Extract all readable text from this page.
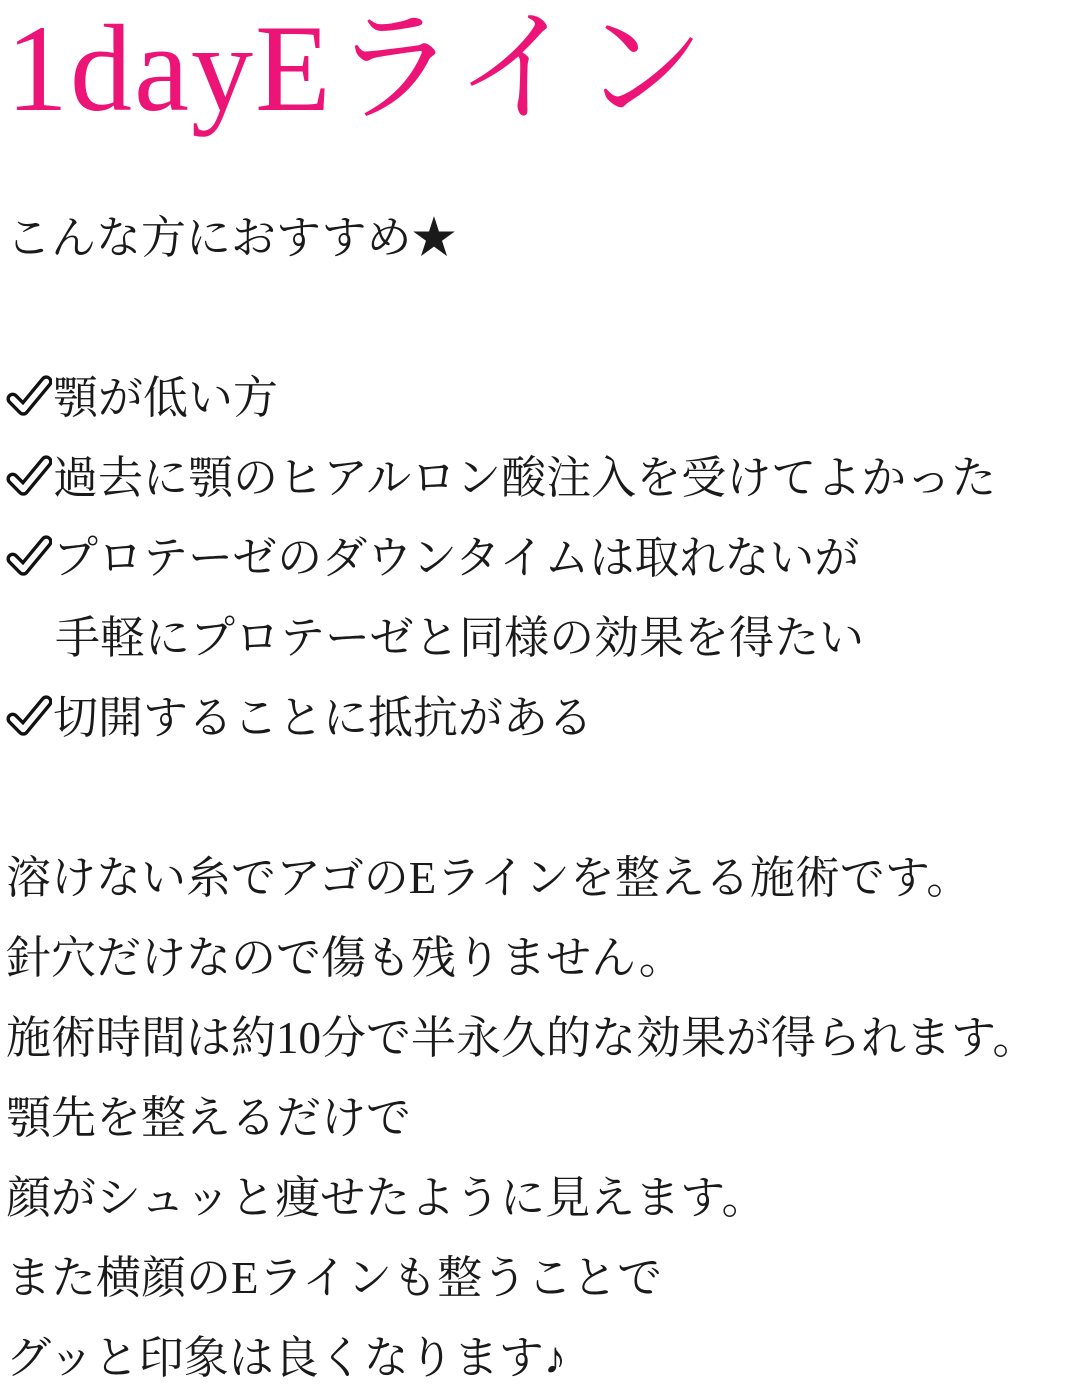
1dayEライン
こんな方におすすめ★
顎が低い方
過去に顎のヒアルロン酸注入を受けてよかった
プロテーゼのダウンタイムは取れないが
手軽にプロテーゼと同様の効果を得たい
切開することに抵抗がある
溶けない糸でアゴのEラインを整える施術です。
針穴だけなので傷も残りません。
施術時間は約10分で半永久的な効果が得られます。
顎先を整えるだけで
顔がシュッと痩せたように見えます。
また横顔のEラインも整うことで
グッと印象は良くなります♪
